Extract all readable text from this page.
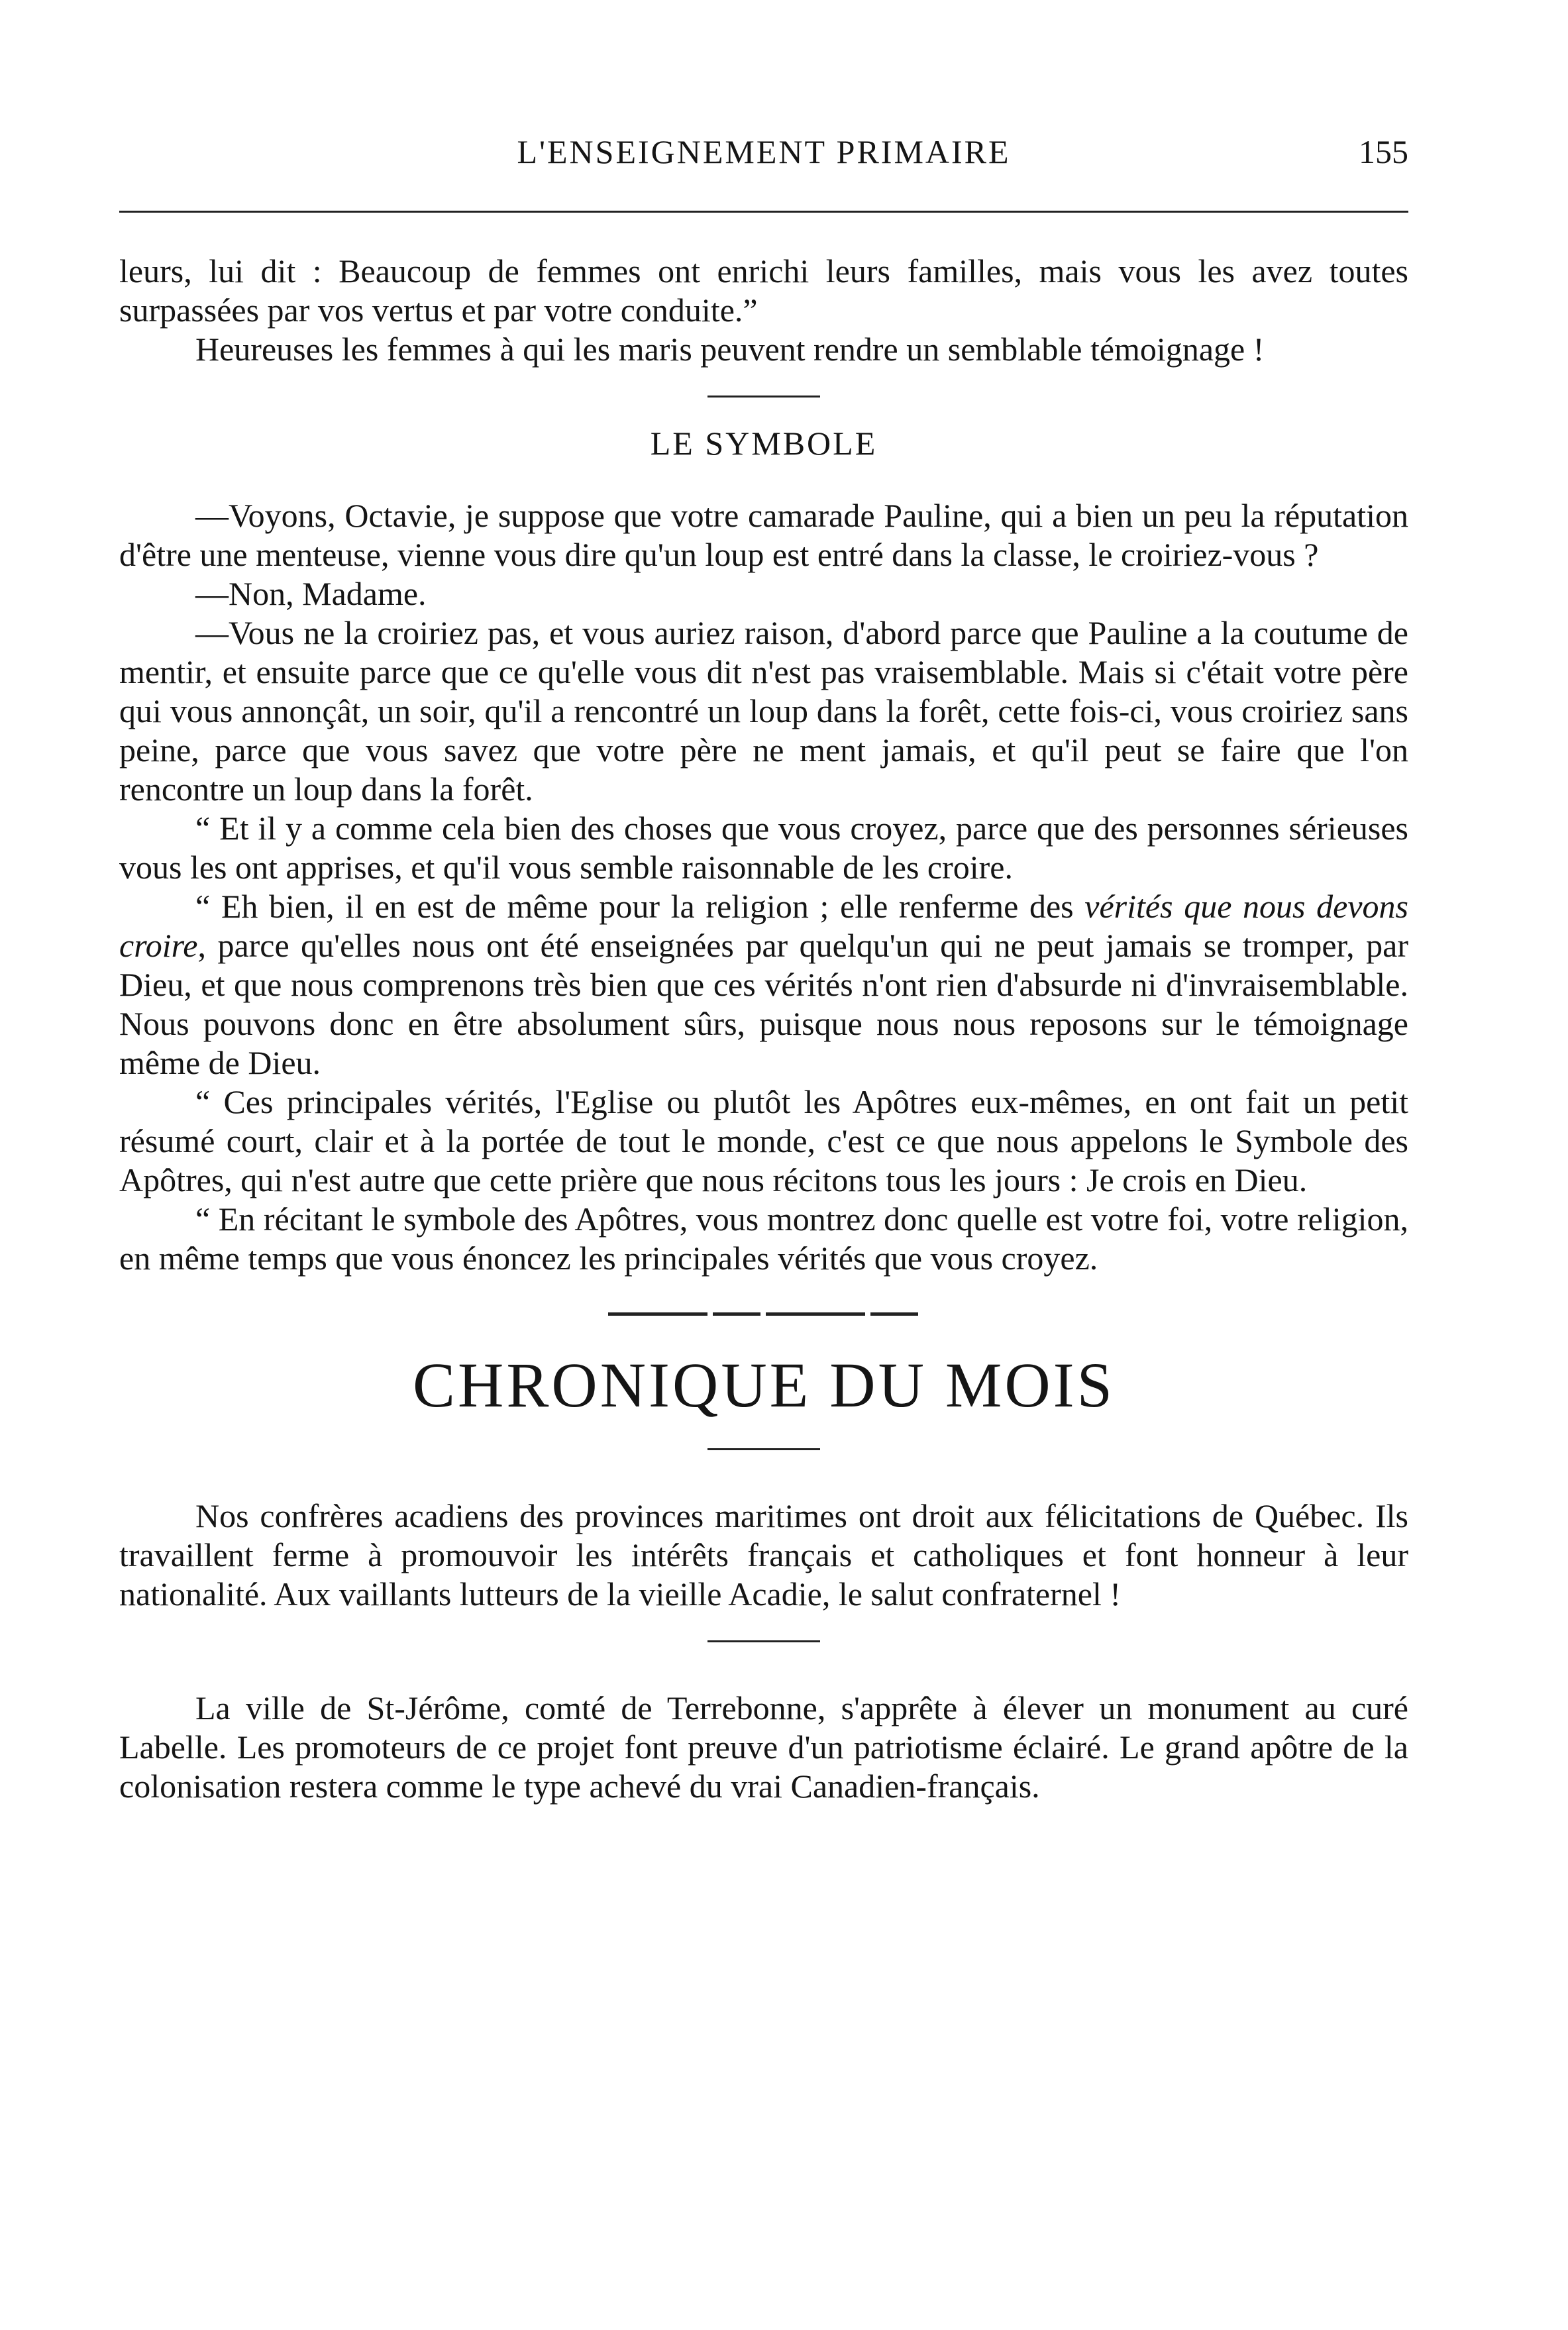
L'ENSEIGNEMENT PRIMAIRE	155

leurs, lui dit : Beaucoup de femmes ont enrichi leurs familles, mais vous les avez toutes surpassées par vos vertus et par votre conduite.”

Heureuses les femmes à qui les maris peuvent rendre un semblable témoignage !

LE SYMBOLE

—Voyons, Octavie, je suppose que votre camarade Pauline, qui a bien un peu la réputation d'être une menteuse, vienne vous dire qu'un loup est entré dans la classe, le croiriez-vous ?

—Non, Madame.

—Vous ne la croiriez pas, et vous auriez raison, d'abord parce que Pauline a la coutume de mentir, et ensuite parce que ce qu'elle vous dit n'est pas vraisemblable. Mais si c'était votre père qui vous annonçât, un soir, qu'il a rencontré un loup dans la forêt, cette fois-ci, vous croiriez sans peine, parce que vous savez que votre père ne ment jamais, et qu'il peut se faire que l'on rencontre un loup dans la forêt.

“ Et il y a comme cela bien des choses que vous croyez, parce que des personnes sérieuses vous les ont apprises, et qu'il vous semble raisonnable de les croire.

“ Eh bien, il en est de même pour la religion ; elle renferme des vérités que nous devons croire, parce qu'elles nous ont été enseignées par quelqu'un qui ne peut jamais se tromper, par Dieu, et que nous comprenons très bien que ces vérités n'ont rien d'absurde ni d'invraisemblable. Nous pouvons donc en être absolument sûrs, puisque nous nous reposons sur le témoignage même de Dieu.

“ Ces principales vérités, l'Eglise ou plutôt les Apôtres eux-mêmes, en ont fait un petit résumé court, clair et à la portée de tout le monde, c'est ce que nous appelons le Symbole des Apôtres, qui n'est autre que cette prière que nous récitons tous les jours : Je crois en Dieu.

“ En récitant le symbole des Apôtres, vous montrez donc quelle est votre foi, votre religion, en même temps que vous énoncez les principales vérités que vous croyez.

CHRONIQUE DU MOIS

Nos confrères acadiens des provinces maritimes ont droit aux félicitations de Québec. Ils travaillent ferme à promouvoir les intérêts français et catholiques et font honneur à leur nationalité. Aux vaillants lutteurs de la vieille Acadie, le salut confraternel !

La ville de St-Jérôme, comté de Terrebonne, s'apprête à élever un monument au curé Labelle. Les promoteurs de ce projet font preuve d'un patriotisme éclairé. Le grand apôtre de la colonisation restera comme le type achevé du vrai Canadien-français.
